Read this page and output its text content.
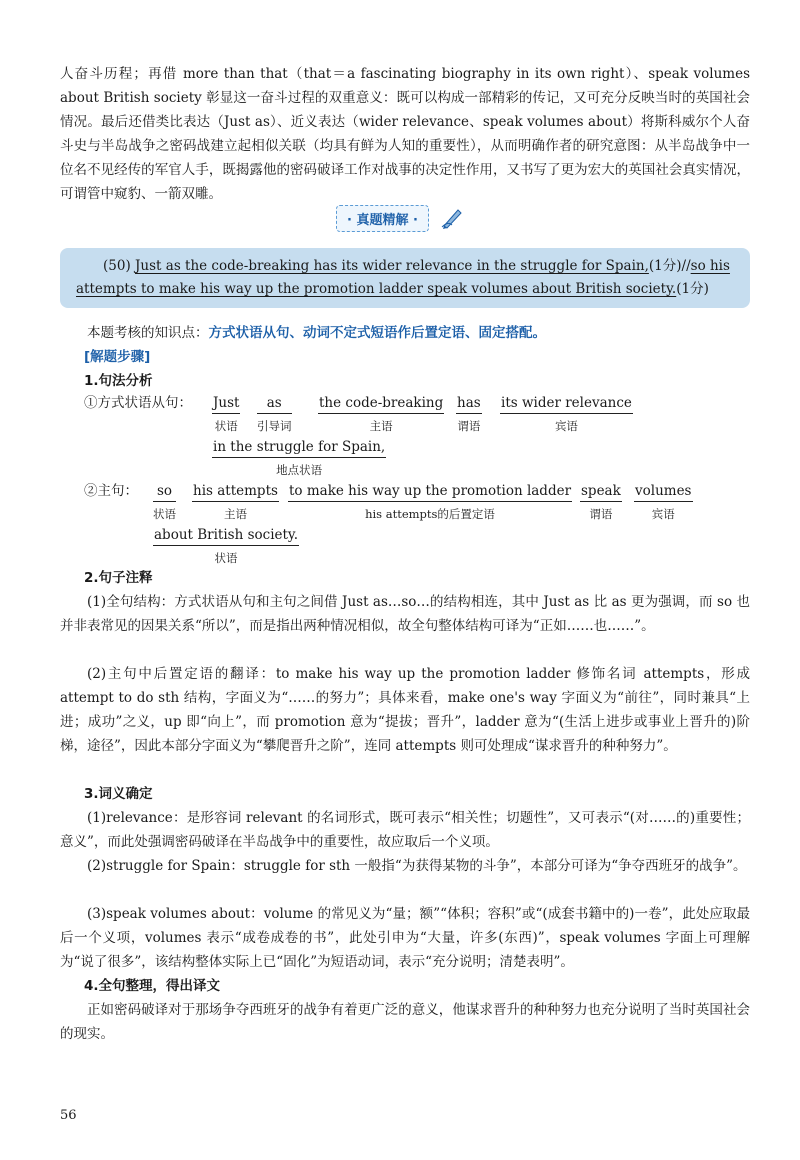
人奋斗历程；再借 more than that（that＝a fascinating biography in its own right）、speak volumes about British society 彰显这一奋斗过程的双重意义：既可以构成一部精彩的传记，又可充分反映当时的英国社会情况。最后还借类比表达（Just as）、近义表达（wider relevance、speak volumes about）将斯科威尔个人奋斗史与半岛战争之密码战建立起相似关联（均具有鲜为人知的重要性），从而明确作者的研究意图：从半岛战争中一位名不见经传的军官人手，既揭露他的密码破译工作对战事的决定性作用，又书写了更为宏大的英国社会真实情况，可谓管中窥豹、一箭双雕。
· 真题精解 ·
(50) Just as the code-breaking has its wider relevance in the struggle for Spain,(1分)//so his
attempts to make his way up the promotion ladder speak volumes about British society.(1分)
本题考核的知识点：方式状语从句、动词不定式短语作后置定语、固定搭配。
[解题步骤]
1.句法分析
①方式状语从句： Just
状语
as
引导词
the code-breaking
主语
has
谓语
its wider relevance
宾语
in the struggle for Spain,
地点状语
②主句： so
状语
his attempts
主语
to make his way up the promotion ladder
his attempts的后置定语
speak
谓语
volumes
宾语
about British society.
状语
2.句子注释
(1)全句结构：方式状语从句和主句之间借 Just as…so…的结构相连，其中 Just as 比 as 更为强调，而 so 也并非表常见的因果关系“所以”，而是指出两种情况相似，故全句整体结构可译为“正如……也……”。
(2)主句中后置定语的翻译：to make his way up the promotion ladder 修饰名词 attempts，形成 attempt to do sth 结构，字面义为“……的努力”；具体来看，make one's way 字面义为“前往”，同时兼具“上进；成功”之义，up 即“向上”，而 promotion 意为“提拔；晋升”，ladder 意为“(生活上进步或事业上晋升的)阶梯，途径”，因此本部分字面义为“攀爬晋升之阶”，连同 attempts 则可处理成“谋求晋升的种种努力”。
3.词义确定
(1)relevance：是形容词 relevant 的名词形式，既可表示“相关性；切题性”，又可表示“(对……的)重要性；意义”，而此处强调密码破译在半岛战争中的重要性，故应取后一个义项。
(2)struggle for Spain：struggle for sth 一般指“为获得某物的斗争”，本部分可译为“争夺西班牙的战争”。
(3)speak volumes about：volume 的常见义为“量；额”“体积；容积”或“(成套书籍中的)一卷”，此处应取最后一个义项，volumes 表示“成卷成卷的书”，此处引申为“大量，许多(东西)”，speak volumes 字面上可理解为“说了很多”，该结构整体实际上已“固化”为短语动词，表示“充分说明；清楚表明”。
4.全句整理，得出译文
正如密码破译对于那场争夺西班牙的战争有着更广泛的意义，他谋求晋升的种种努力也充分说明了当时英国社会的现实。
56
